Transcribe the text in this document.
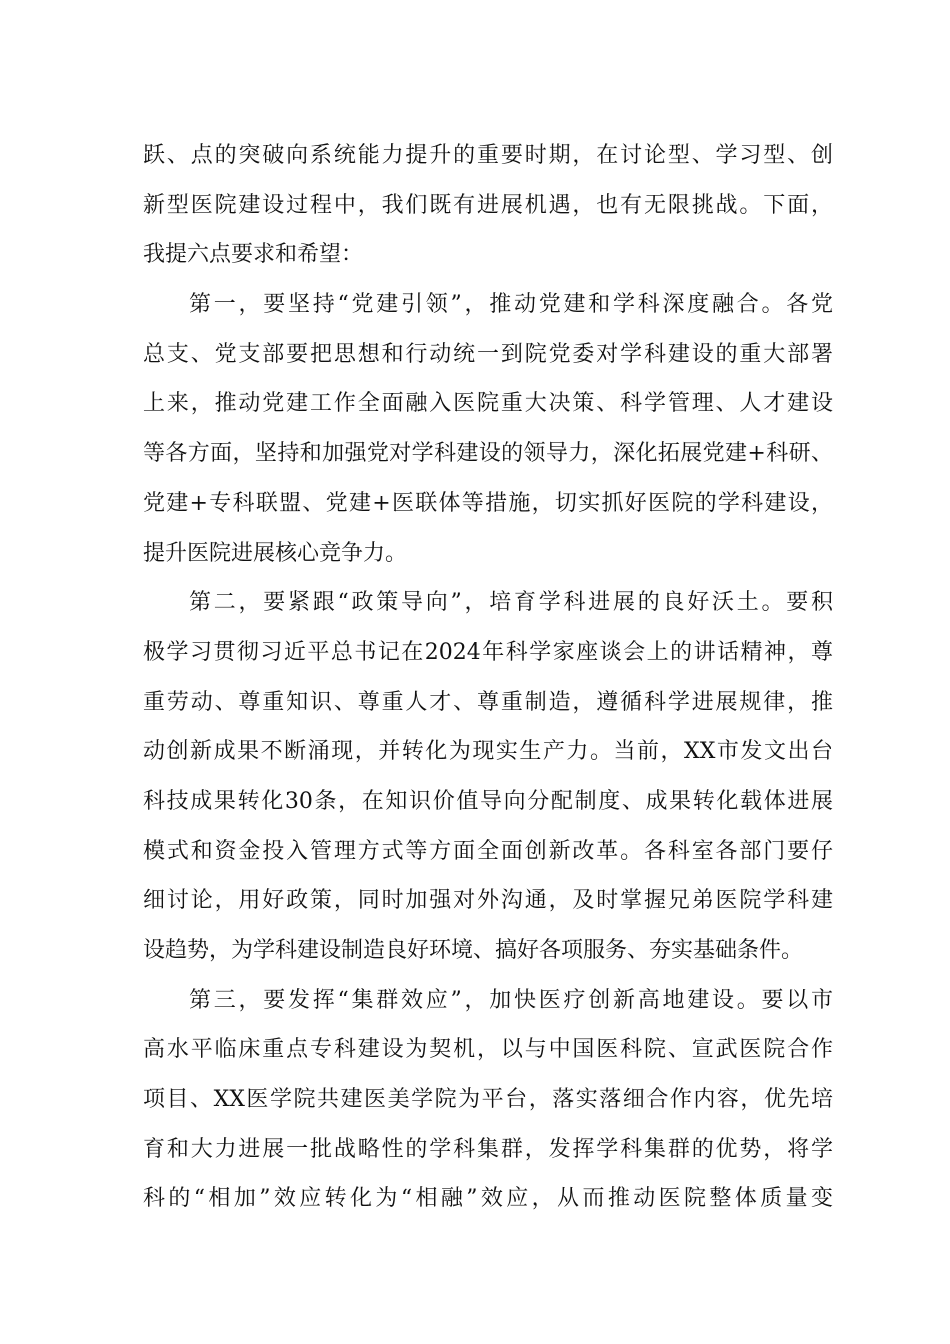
跃、点的突破向系统能力提升的重要时期，在讨论型、学习型、创
新型医院建设过程中，我们既有进展机遇，也有无限挑战。下面，
我提六点要求和希望：
第一，要坚持“党建引领”，推动党建和学科深度融合。各党
总支、党支部要把思想和行动统一到院党委对学科建设的重大部署
上来，推动党建工作全面融入医院重大决策、科学管理、人才建设
等各方面，坚持和加强党对学科建设的领导力，深化拓展党建+科研、
党建+专科联盟、党建+医联体等措施，切实抓好医院的学科建设，
提升医院进展核心竞争力。
第二，要紧跟“政策导向”，培育学科进展的良好沃土。要积
极学习贯彻习近平总书记在2024年科学家座谈会上的讲话精神，尊
重劳动、尊重知识、尊重人才、尊重制造，遵循科学进展规律，推
动创新成果不断涌现，并转化为现实生产力。当前，XX市发文出台
科技成果转化30条，在知识价值导向分配制度、成果转化载体进展
模式和资金投入管理方式等方面全面创新改革。各科室各部门要仔
细讨论，用好政策，同时加强对外沟通，及时掌握兄弟医院学科建
设趋势，为学科建设制造良好环境、搞好各项服务、夯实基础条件。
第三，要发挥“集群效应”，加快医疗创新高地建设。要以市
高水平临床重点专科建设为契机，以与中国医科院、宣武医院合作
项目、XX医学院共建医美学院为平台，落实落细合作内容，优先培
育和大力进展一批战略性的学科集群，发挥学科集群的优势，将学
科的“相加”效应转化为“相融”效应，从而推动医院整体质量变
